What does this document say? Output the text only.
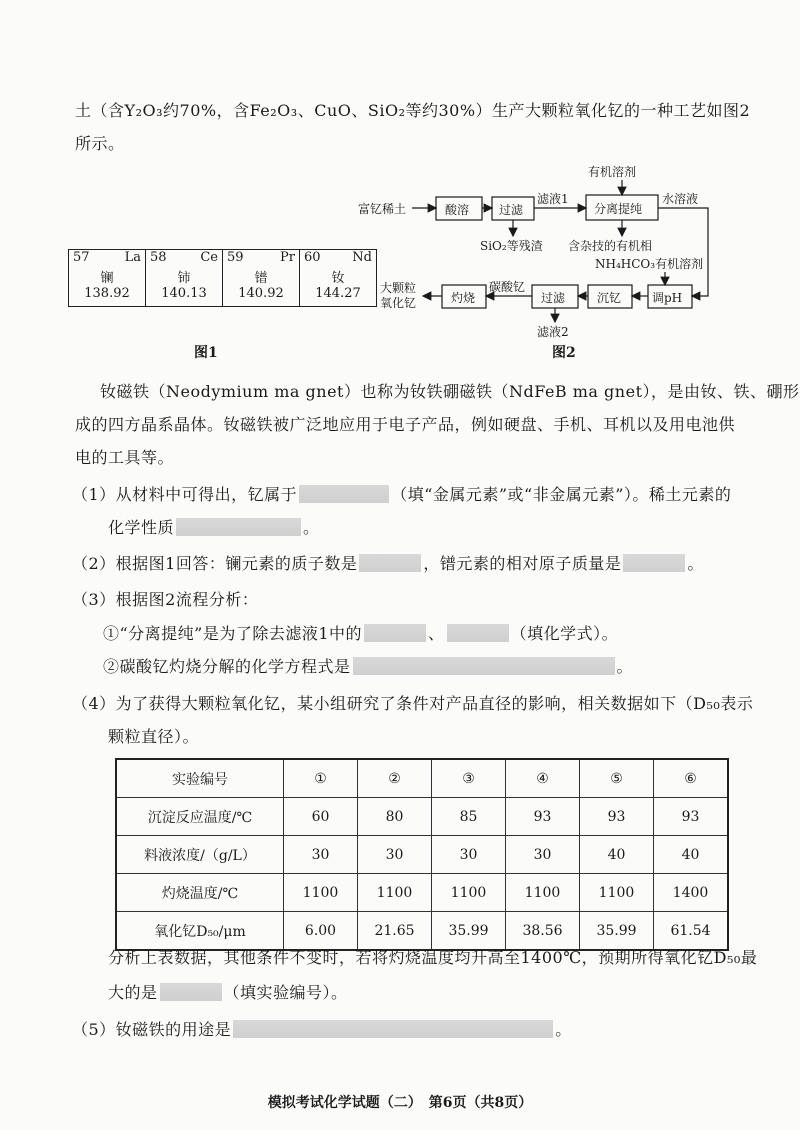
土（含Y₂O₃约70%，含Fe₂O₃、CuO、SiO₂等约30%）生产大颗粒氧化钇的一种工艺如图2
所示。
57	La
镧
138.92

58	Ce
铈
140.13

59	Pr
镨
140.92

60 Nd
钕
144.27
图1
富钇稀土	酸溶 过滤
滤液1
分离提纯
有机溶剂
水溶液
SiO₂等残渣 含杂技的有机相
NH₄HCO₃有机溶剂
调pH
沉钇
过滤
碳酸钇
灼烧
滤液2
大颗粒
氧化钇
图2
钕磁铁（Neodymium ma gnet）也称为钕铁硼磁铁（NdFeB ma gnet），是由钕、铁、硼形
成的四方晶系晶体。钕磁铁被广泛地应用于电子产品，例如硬盘、手机、耳机以及用电池供
电的工具等。
（1）从材料中可得出，钇属于	（填“金属元素”或“非金属元素”）。稀土元素的
化学性质	。
（2）根据图1回答：镧元素的质子数是	，镨元素的相对原子质量是	。
（3）根据图2流程分析：
①“分离提纯”是为了除去滤液1中的	、	（填化学式）。
②碳酸钇灼烧分解的化学方程式是	。
（4）为了获得大颗粒氧化钇，某小组研究了条件对产品直径的影响，相关数据如下（D₅₀表示
颗粒直径）。
实验编号	①	②	③	④	⑤	⑥
沉淀反应温度/℃	60	80	85	93	93	93
料液浓度/（g/L）	30	30	30	30	40	40
灼烧温度/℃	1100	1100	1100	1100	1100	1400
氧化钇D₅₀/μm	6.00	21.65	35.99	38.56	35.99	61.54
分析上表数据，其他条件不变时，若将灼烧温度均升高至1400℃，预期所得氧化钇D₅₀最
大的是	（填实验编号）。
（5）钕磁铁的用途是	。
模拟考试化学试题（二）　第6页（共8页）
